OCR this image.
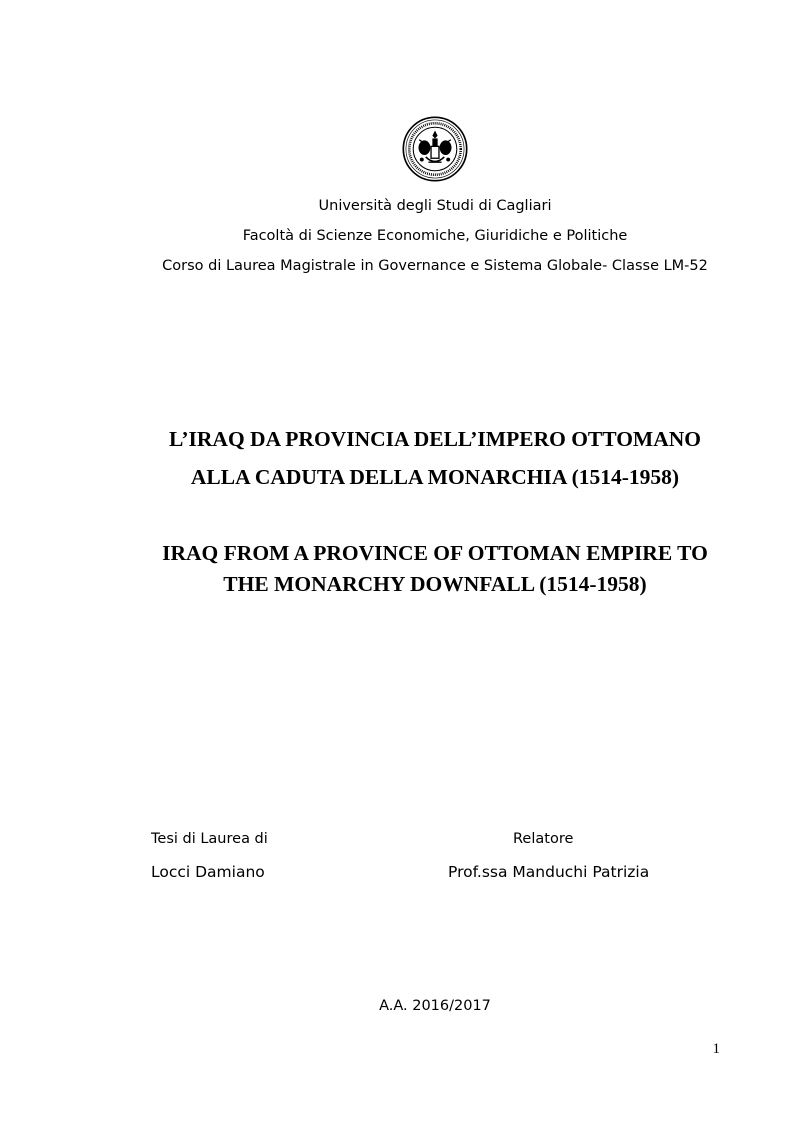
Università degli Studi di Cagliari
Facoltà di Scienze Economiche, Giuridiche e Politiche
Corso di Laurea Magistrale in Governance e Sistema Globale- Classe LM-52
L’IRAQ DA PROVINCIA DELL’IMPERO OTTOMANO
ALLA CADUTA DELLA MONARCHIA (1514-1958)
IRAQ FROM A PROVINCE OF OTTOMAN EMPIRE TO
THE MONARCHY DOWNFALL (1514-1958)
Tesi di Laurea di
Locci Damiano
Relatore
Prof.ssa Manduchi Patrizia
A.A. 2016/2017
1
